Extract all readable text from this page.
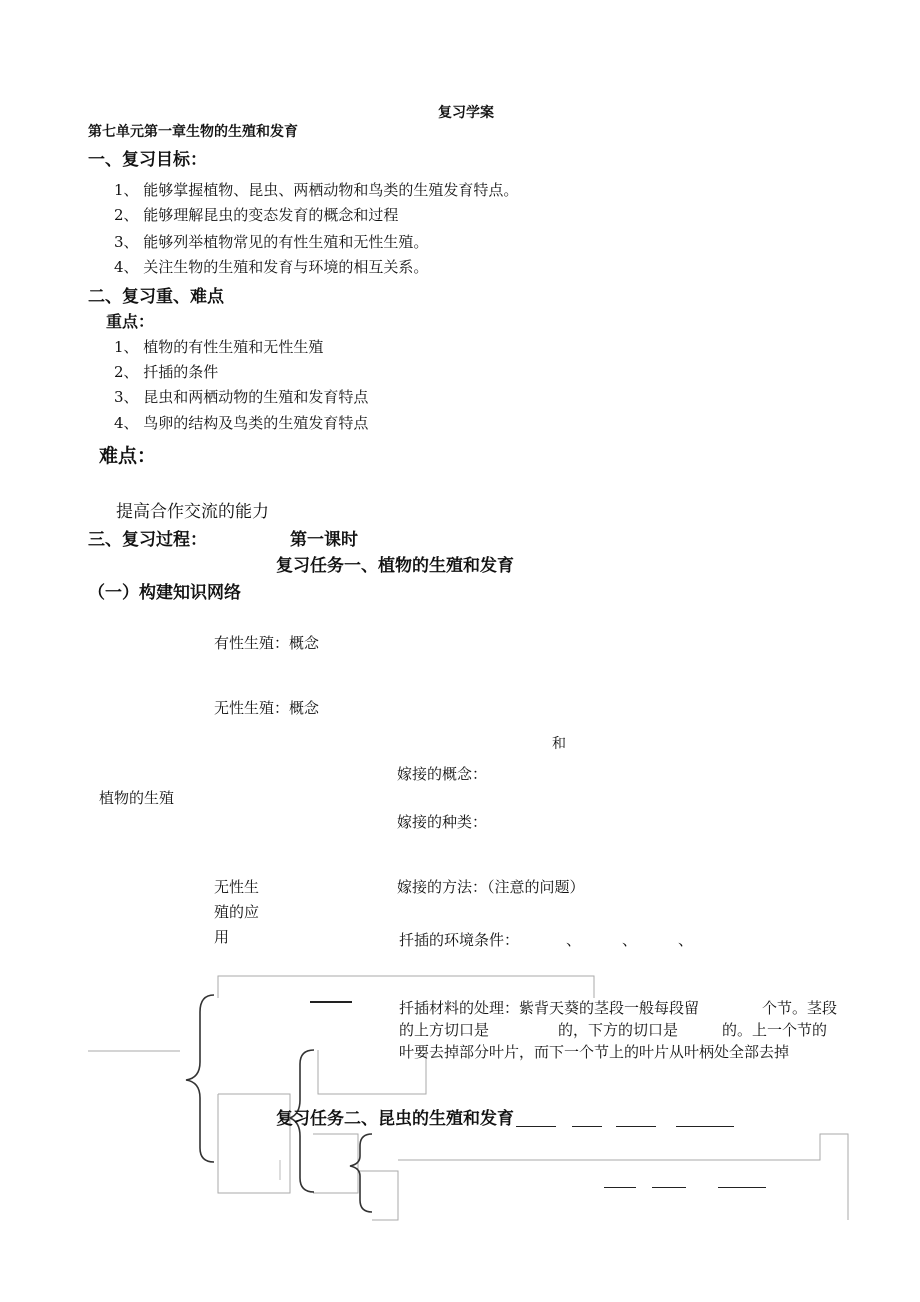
复习学案
第七单元第一章生物的生殖和发育
一、复习目标：
1、 能够掌握植物、昆虫、两栖动物和鸟类的生殖发育特点。
2、 能够理解昆虫的变态发育的概念和过程
3、 能够列举植物常见的有性生殖和无性生殖。
4、 关注生物的生殖和发育与环境的相互关系。
二、复习重、难点
重点：
1、 植物的有性生殖和无性生殖
2、 扦插的条件
3、 昆虫和两栖动物的生殖和发育特点
4、 鸟卵的结构及鸟类的生殖发育特点
难点：
提高合作交流的能力
三、复习过程：	第一课时
复习任务一、植物的生殖和发育
（一）构建知识网络
有性生殖：概念
无性生殖：概念
和
嫁接的概念：
植物的生殖
嫁接的种类：
无性生
殖的应
用
嫁接的方法：（注意的问题）
扦插的环境条件：	、	、	、
扦插材料的处理：紫背天葵的茎段一般每段留	个节。茎段
的上方切口是	的，下方的切口是	的。上一个节的
叶要去掉部分叶片，而下一个节上的叶片从叶柄处全部去掉
复习任务二、昆虫的生殖和发育
